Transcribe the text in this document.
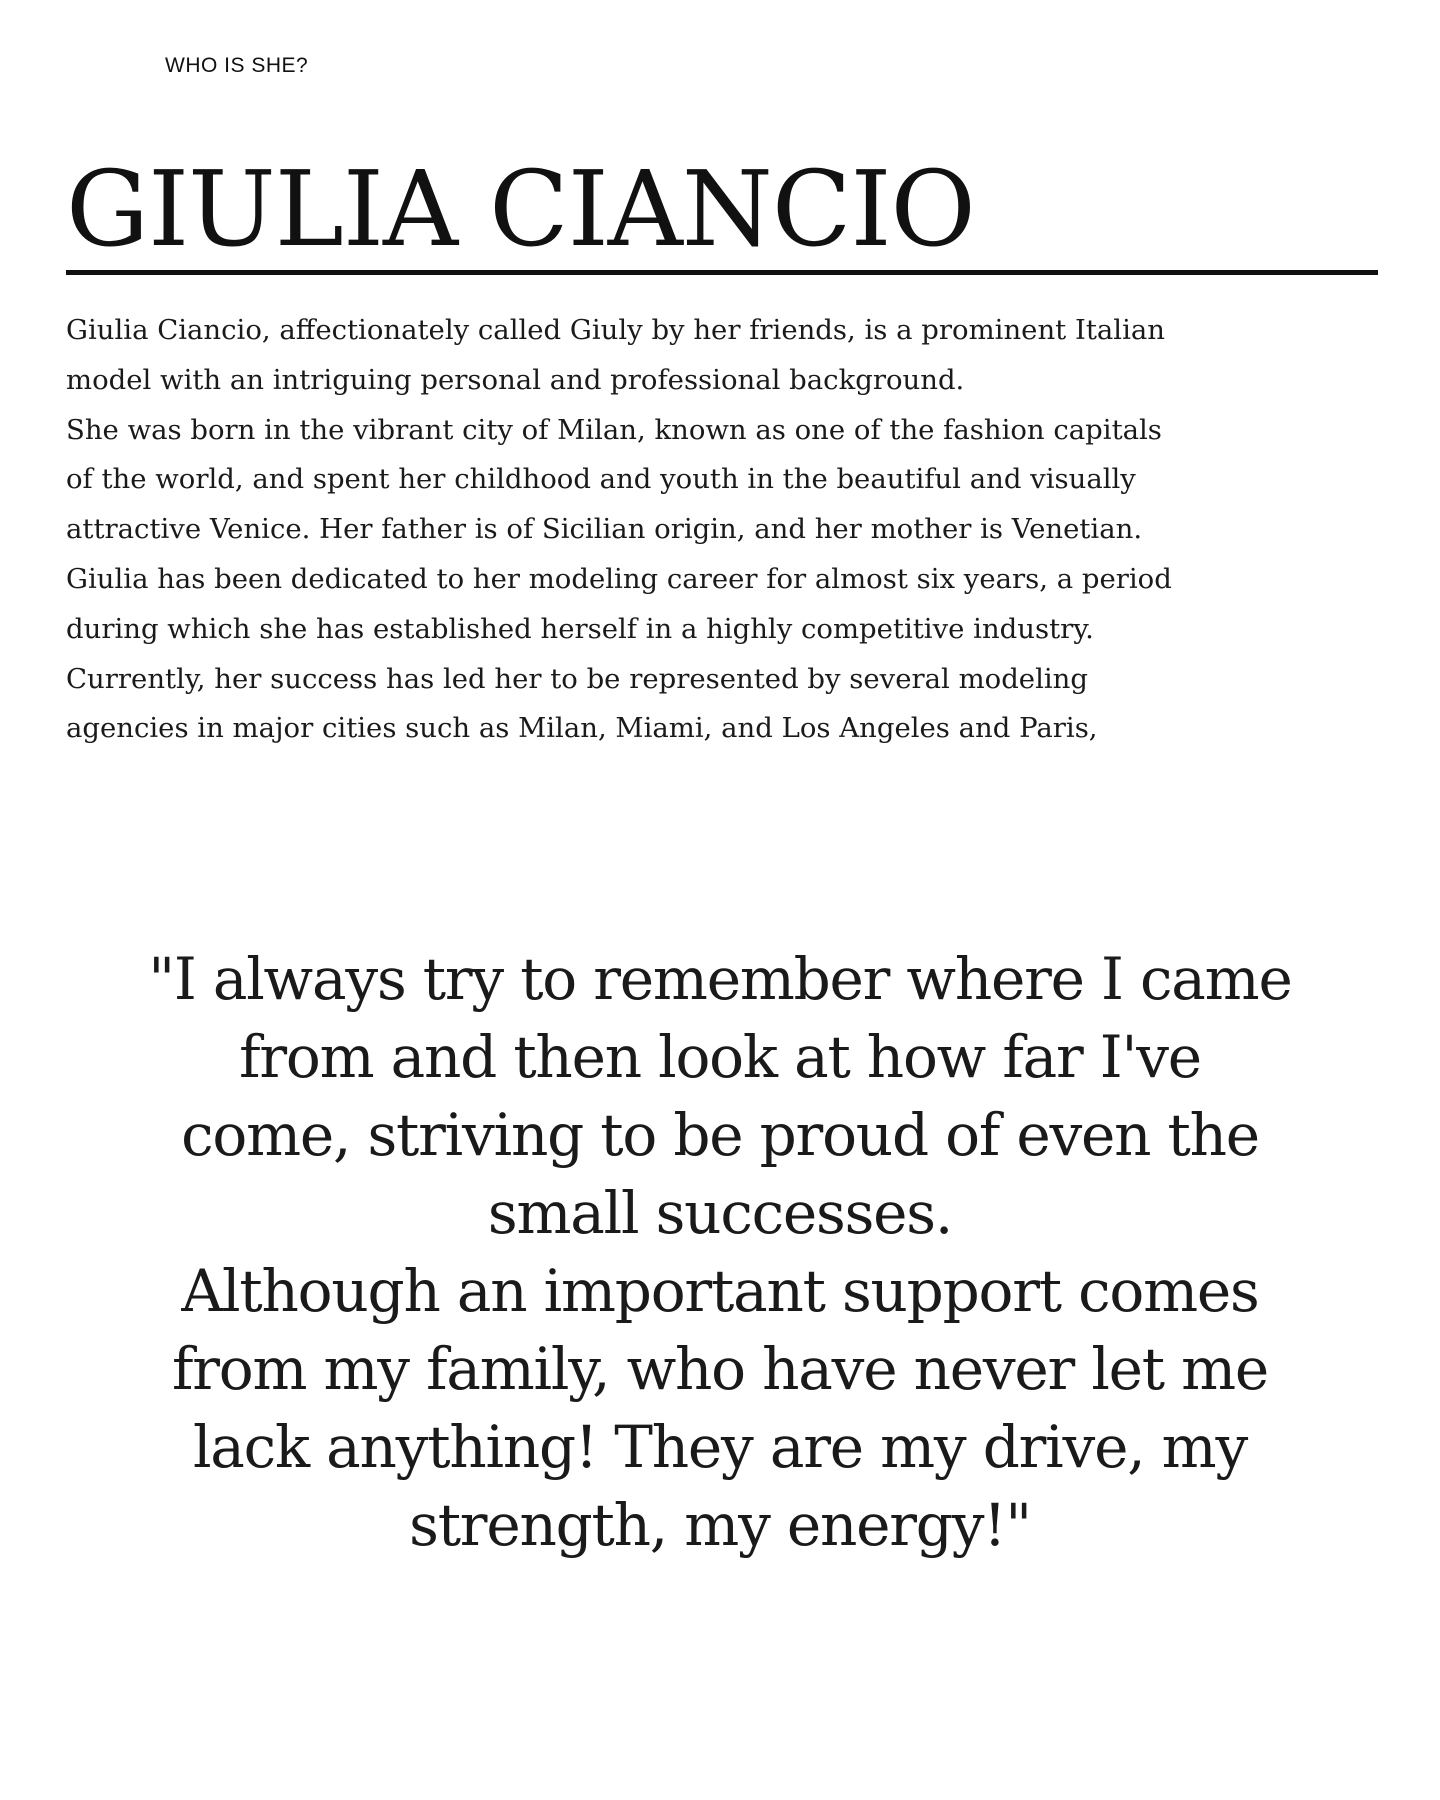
WHO IS SHE?

GIULIA CIANCIO
Giulia Ciancio, affectionately called Giuly by her friends, is a prominent Italian
model with an intriguing personal and professional background.
She was born in the vibrant city of Milan, known as one of the fashion capitals
of the world, and spent her childhood and youth in the beautiful and visually
attractive Venice. Her father is of Sicilian origin, and her mother is Venetian.
Giulia has been dedicated to her modeling career for almost six years, a period
during which she has established herself in a highly competitive industry.
Currently, her success has led her to be represented by several modeling
agencies in major cities such as Milan, Miami, and Los Angeles and Paris,
"I always try to remember where I came
from and then look at how far I've
come, striving to be proud of even the
small successes.
Although an important support comes
from my family, who have never let me
lack anything! They are my drive, my
strength, my energy!"
